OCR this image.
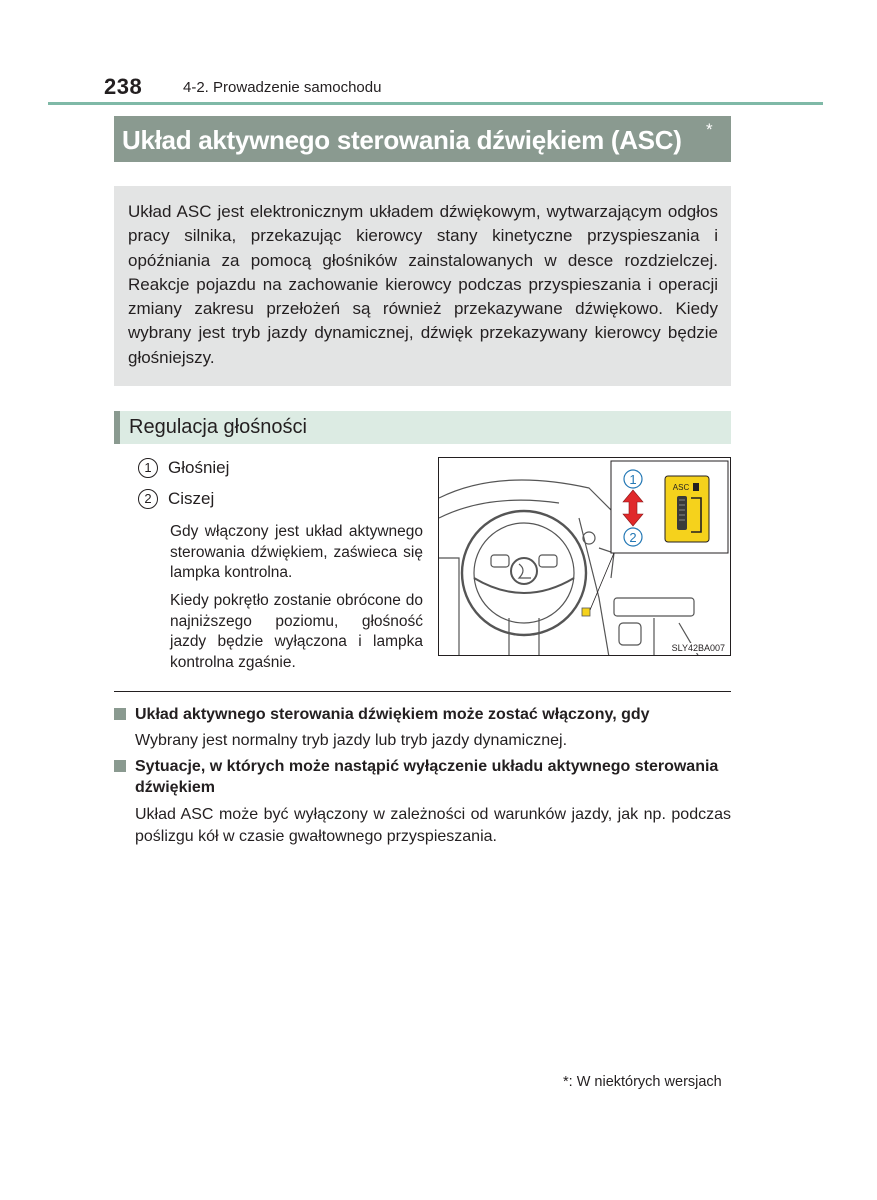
238	4-2. Prowadzenie samochodu
Układ aktywnego sterowania dźwiękiem (ASC) *

Układ ASC jest elektronicznym układem dźwiękowym, wytwarzającym odgłos pracy silnika, przekazując kierowcy stany kinetyczne przyspieszania i opóźniania za pomocą głośników zainstalowanych w desce rozdzielczej. Reakcje pojazdu na zachowanie kierowcy podczas przyspieszania i operacji zmiany zakresu przełożeń są również przekazywane dźwiękowo. Kiedy wybrany jest tryb jazdy dynamicznej, dźwięk przekazywany kierowcy będzie głośniejszy.

Regulacja głośności
1 Głośniej
2 Ciszej
Gdy włączony jest układ aktywnego sterowania dźwiękiem, zaświeca się lampka kontrolna.
Kiedy pokrętło zostanie obrócone do najniższego poziomu, głośność jazdy będzie wyłączona i lampka kontrolna zgaśnie.
1
2
ASC
SLY42BA007
Układ aktywnego sterowania dźwiękiem może zostać włączony, gdy
Wybrany jest normalny tryb jazdy lub tryb jazdy dynamicznej.
Sytuacje, w których może nastąpić wyłączenie układu aktywnego sterowania dźwiękiem
Układ ASC może być wyłączony w zależności od warunków jazdy, jak np. podczas poślizgu kół w czasie gwałtownego przyspieszania.
*: W niektórych wersjach
